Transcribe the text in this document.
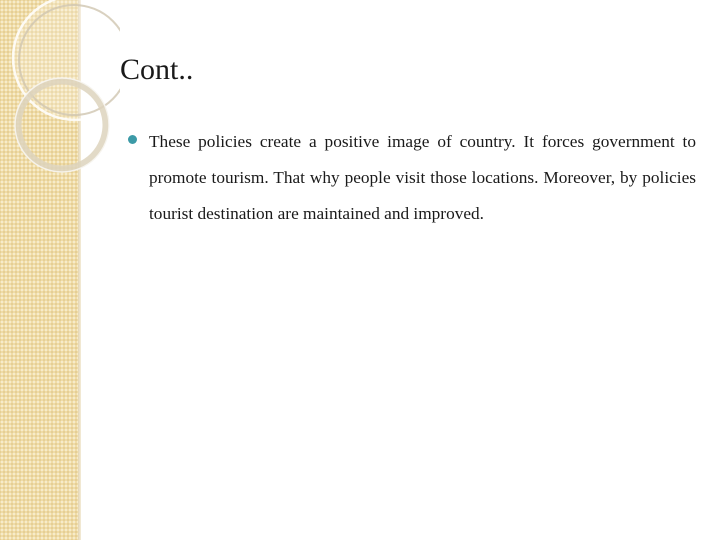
Cont..

These policies create a positive image of country. It forces government to promote tourism. That why people visit those locations. Moreover, by policies tourist destination are maintained and improved.
